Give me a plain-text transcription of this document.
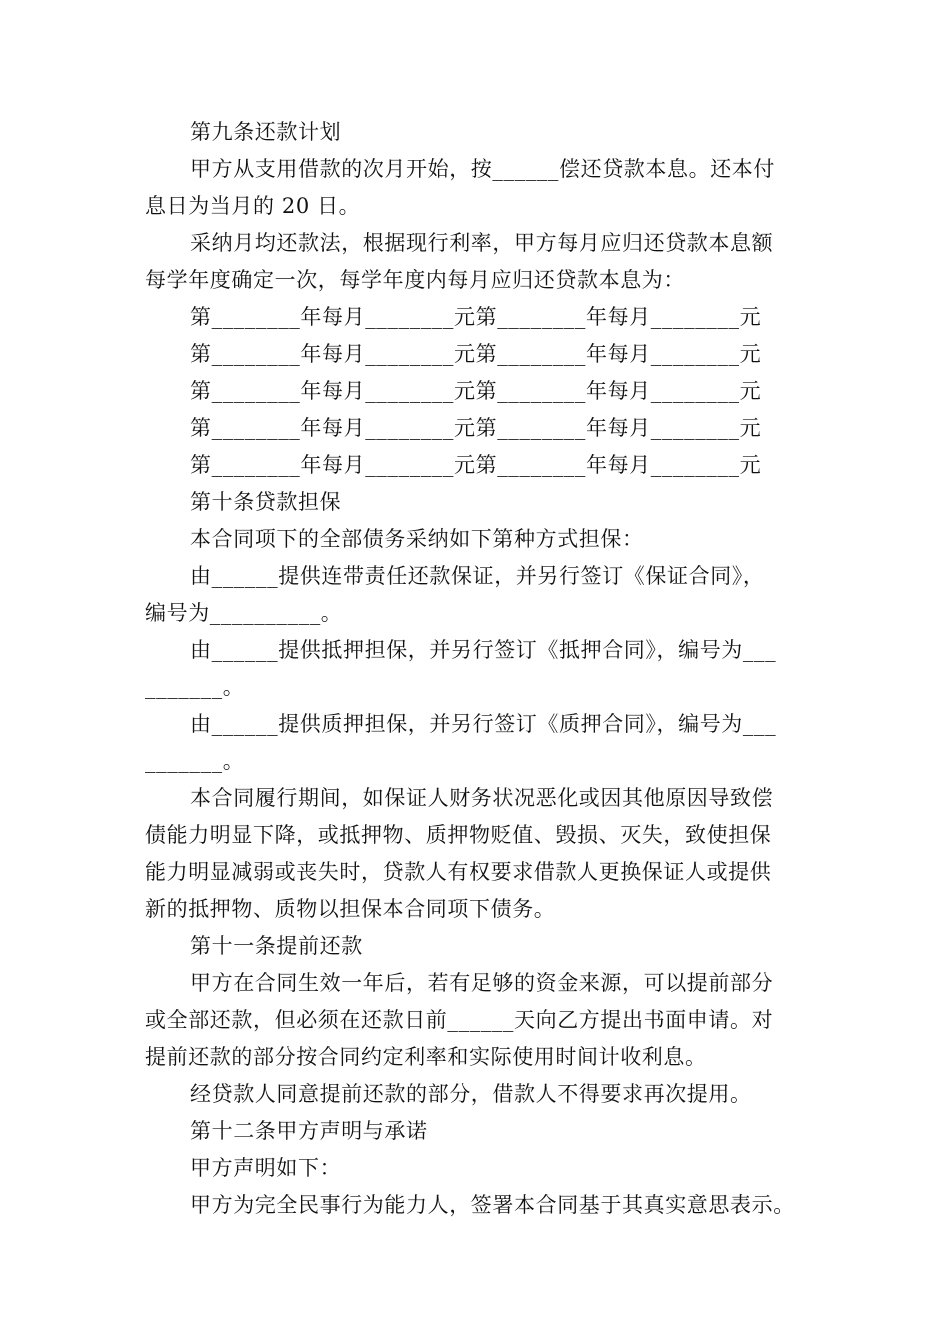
第九条还款计划

甲方从支用借款的次月开始，按______偿还贷款本息。还本付

息日为当月的 20 日。

采纳月均还款法，根据现行利率，甲方每月应归还贷款本息额

每学年度确定一次，每学年度内每月应归还贷款本息为：

第________年每月________元第________年每月________元

第________年每月________元第________年每月________元

第________年每月________元第________年每月________元

第________年每月________元第________年每月________元

第________年每月________元第________年每月________元

第十条贷款担保

本合同项下的全部债务采纳如下第种方式担保：

由______提供连带责任还款保证，并另行签订《保证合同》，

编号为__________。

由______提供抵押担保，并另行签订《抵押合同》，编号为___

_______。

由______提供质押担保，并另行签订《质押合同》，编号为___

_______。

本合同履行期间，如保证人财务状况恶化或因其他原因导致偿

债能力明显下降，或抵押物、质押物贬值、毁损、灭失，致使担保

能力明显减弱或丧失时，贷款人有权要求借款人更换保证人或提供

新的抵押物、质物以担保本合同项下债务。

第十一条提前还款

甲方在合同生效一年后，若有足够的资金来源，可以提前部分

或全部还款，但必须在还款日前______天向乙方提出书面申请。对

提前还款的部分按合同约定利率和实际使用时间计收利息。

经贷款人同意提前还款的部分，借款人不得要求再次提用。

第十二条甲方声明与承诺

甲方声明如下：

甲方为完全民事行为能力人，签署本合同基于其真实意思表示。
